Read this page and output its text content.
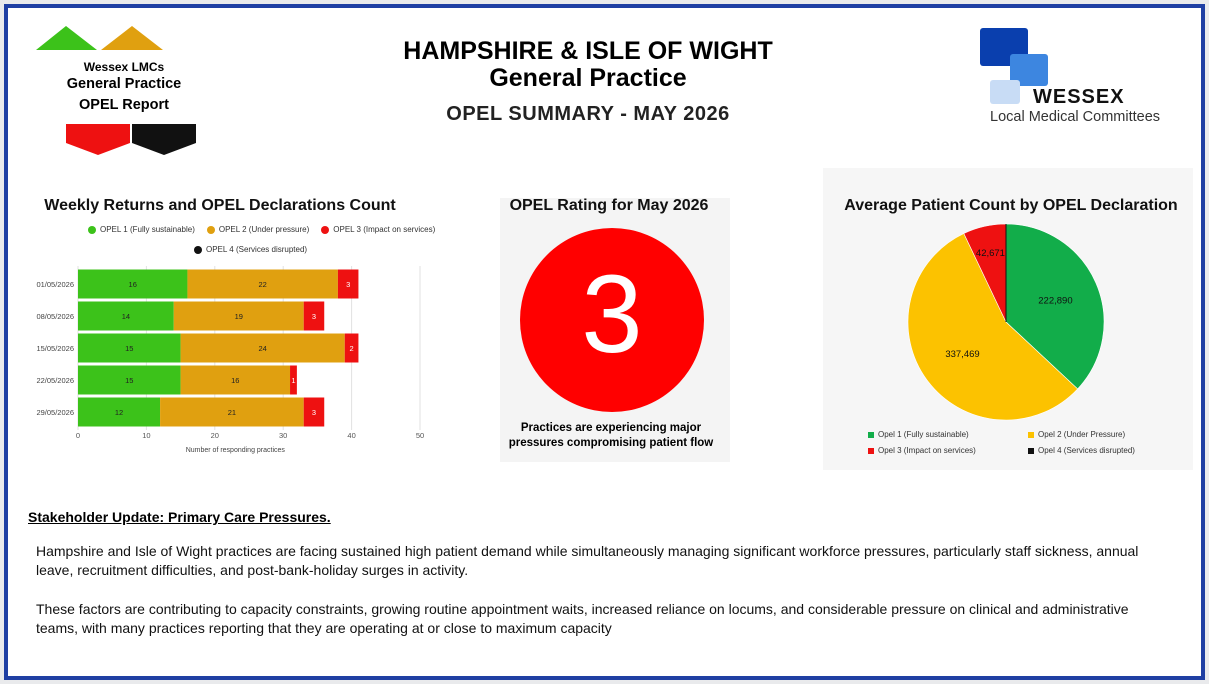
Wessex LMCs
General Practice
OPEL Report
HAMPSHIRE & ISLE OF WIGHT
General Practice
OPEL SUMMARY - MAY 2026
WESSEX
Local Medical Committees
Weekly Returns and OPEL Declarations Count
OPEL 1 (Fully sustainable)	OPEL 2 (Under pressure)	OPEL 3 (Impact on services)
OPEL 4 (Services disrupted)
0	10	20	30	40	50
Number of responding practices
01/05/2026	16	22	3
08/05/2026	14	19	3
15/05/2026	15	24	2
22/05/2026	15	16	1
29/05/2026	12	21	3
OPEL Rating for May 2026
3
Practices are experiencing major
pressures compromising patient flow
Average Patient Count by OPEL Declaration
222,890
337,469
42,671
Opel 1 (Fully sustainable)	Opel 2 (Under Pressure)
Opel 3 (Impact on services)	Opel 4 (Services disrupted)
Stakeholder Update: Primary Care Pressures.
Hampshire and Isle of Wight practices are facing sustained high patient demand while simultaneously managing significant workforce pressures, particularly staff sickness, annual leave, recruitment difficulties, and post-bank-holiday surges in activity.
These factors are contributing to capacity constraints, growing routine appointment waits, increased reliance on locums, and considerable pressure on clinical and administrative teams, with many practices reporting that they are operating at or close to maximum capacity
